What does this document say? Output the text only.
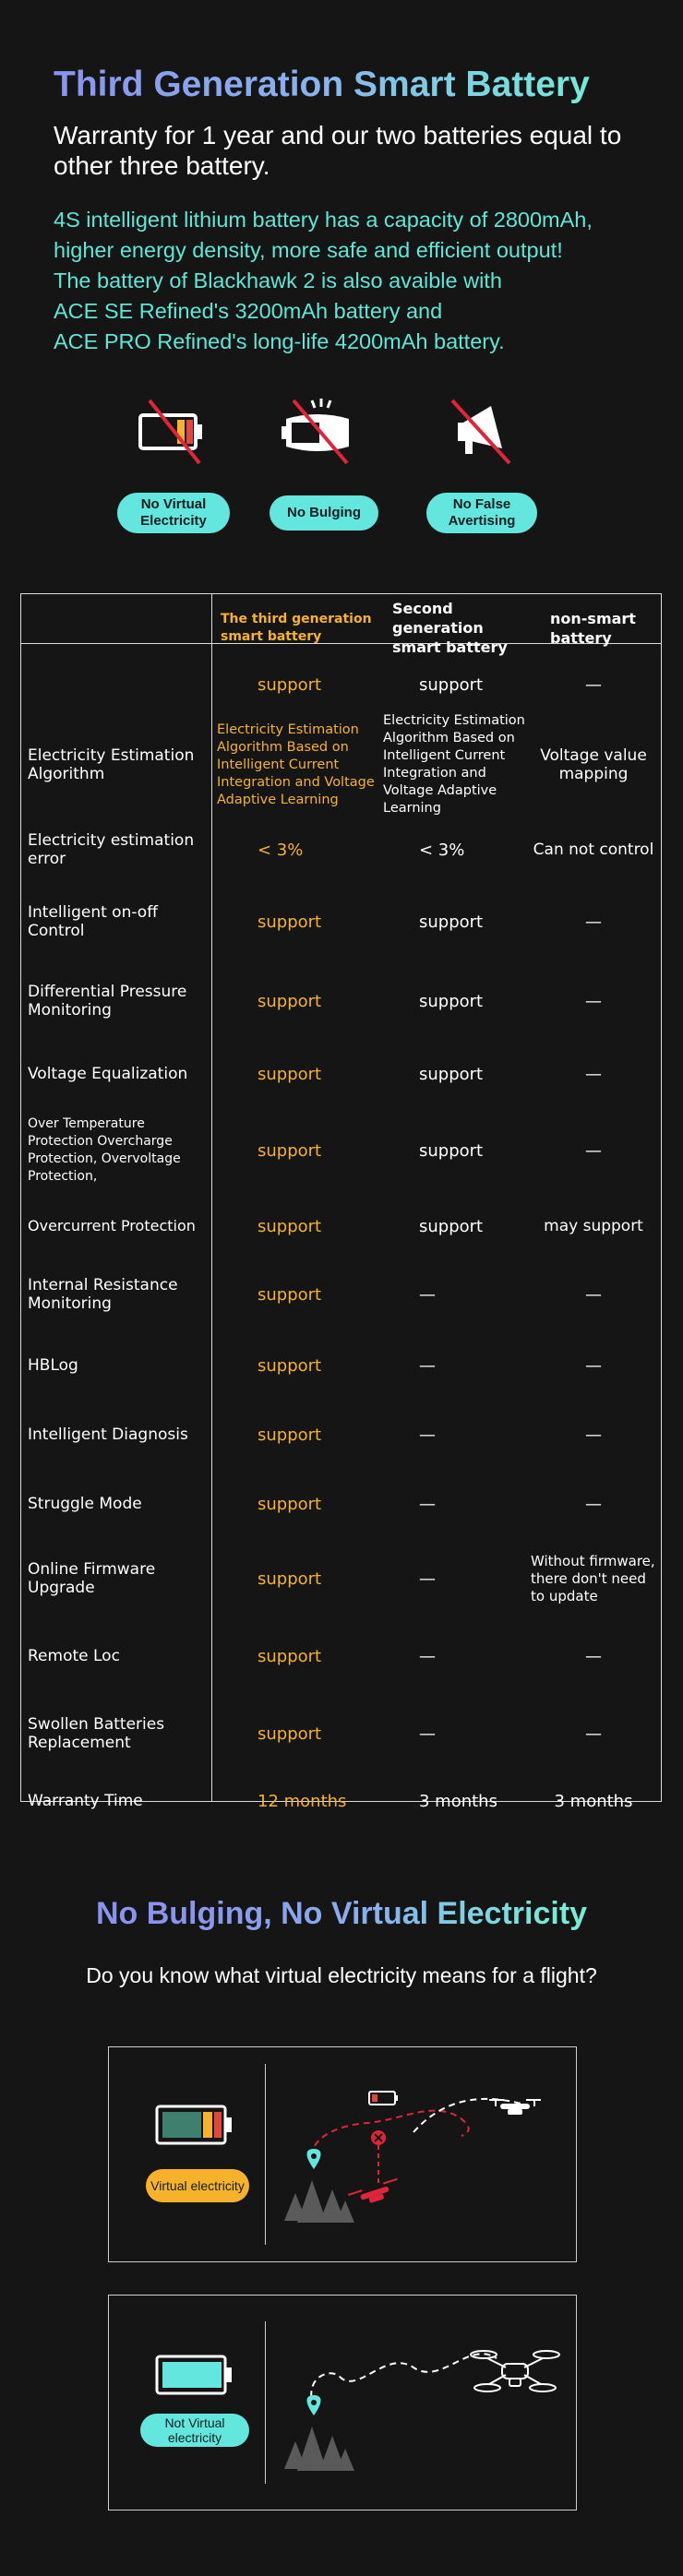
Third Generation Smart Battery
Warranty for 1 year and our two batteries equal to other three battery.
4S intelligent lithium battery has a capacity of 2800mAh,
higher energy density, more safe and efficient output!
The battery of Blackhawk 2 is also avaible with
ACE SE Refined's 3200mAh battery and
ACE PRO Refined's long-life 4200mAh battery.
No Virtual Electricity
No Bulging
No False Avertising
	The third generation smart battery	Second generation smart battery	non-smart battery
	support	support	—
Electricity Estimation Algorithm	Electricity Estimation Algorithm Based on Intelligent Current Integration and Voltage Adaptive Learning	Electricity Estimation Algorithm Based on Intelligent Current Integration and Voltage Adaptive Learning	Voltage value mapping
Electricity estimation error	< 3%	< 3%	Can not control
Intelligent on-off Control	support	support	—
Differential Pressure Monitoring	support	support	—
Voltage Equalization	support	support	—
Over Temperature Protection Overcharge Protection, Overvoltage Protection,	support	support	—
Overcurrent Protection	support	support	may support
Internal Resistance Monitoring	support	—	—
HBLog	support	—	—
Intelligent Diagnosis	support	—	—
Struggle Mode	support	—	—
Online Firmware Upgrade	support	—	Without firmware, there don't need to update
Remote Loc	support	—	—
Swollen Batteries Replacement	support	—	—
Warranty Time	12 months	3 months	3 months
No Bulging, No Virtual Electricity
Do you know what virtual electricity means for a flight?
Virtual electricity
Not Virtual electricity
